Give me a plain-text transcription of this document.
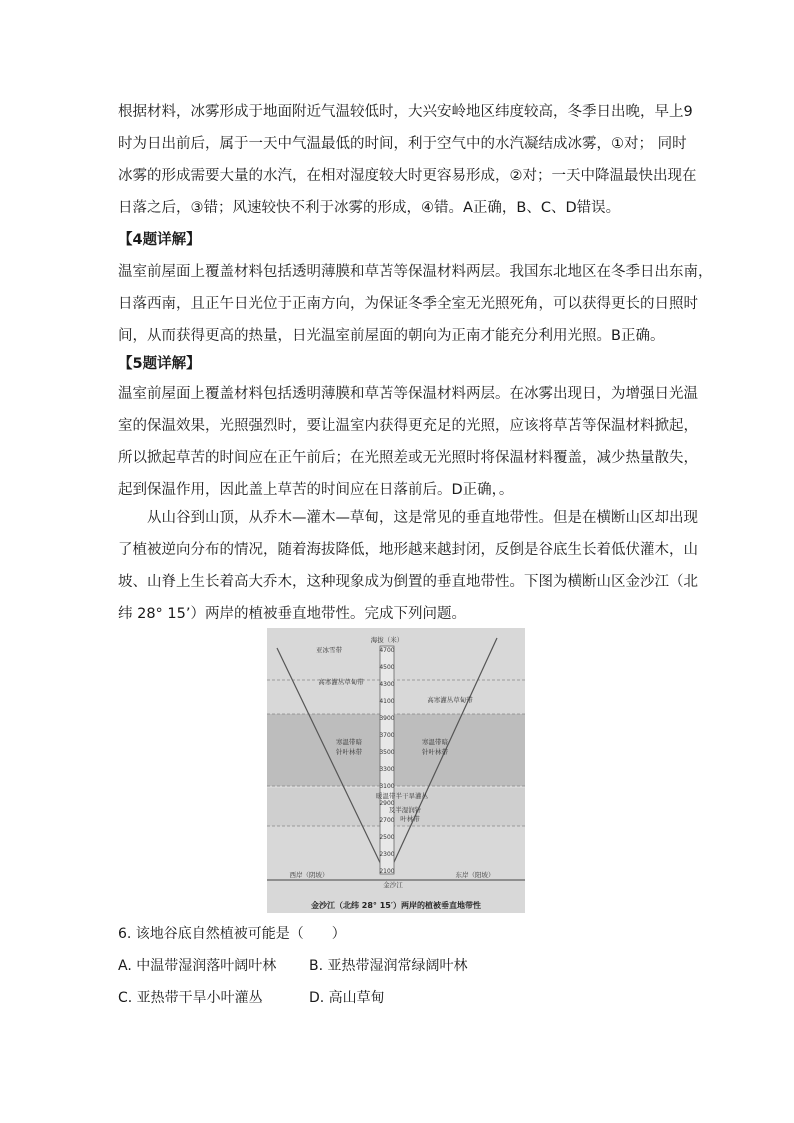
根据材料，冰雾形成于地面附近气温较低时，大兴安岭地区纬度较高，冬季日出晚，早上9
时为日出前后，属于一天中气温最低的时间，利于空气中的水汽凝结成冰雾，①对； 同时
冰雾的形成需要大量的水汽，在相对湿度较大时更容易形成，②对；一天中降温最快出现在
日落之后，③错；风速较快不利于冰雾的形成，④错。A正确，B、C、D错误。
【4题详解】
温室前屋面上覆盖材料包括透明薄膜和草苫等保温材料两层。我国东北地区在冬季日出东南，
日落西南，且正午日光位于正南方向，为保证冬季全室无光照死角，可以获得更长的日照时
间，从而获得更高的热量，日光温室前屋面的朝向为正南才能充分利用光照。B正确。
【5题详解】
温室前屋面上覆盖材料包括透明薄膜和草苫等保温材料两层。在冰雾出现日，为增强日光温
室的保温效果，光照强烈时，要让温室内获得更充足的光照，应该将草苫等保温材料掀起，
所以掀起草苦的时间应在正午前后；在光照差或无光照时将保温材料覆盖，减少热量散失，
起到保温作用，因此盖上草苦的时间应在日落前后。D正确，。
从山谷到山顶，从乔木—灌木—草甸，这是常见的垂直地带性。但是在横断山区却出现
了植被逆向分布的情况，随着海拔降低，地形越来越封闭，反倒是谷底生长着低伏灌木，山
坡、山脊上生长着高大乔木，这种现象成为倒置的垂直地带性。下图为横断山区金沙江（北
纬 28° 15’）两岸的植被垂直地带性。完成下列问题。
海拔（米）
4700
4500
4300
4100
3900
3700
3500
3300
3100
2900
2700
2500
2300
2100
亚冰雪带
高寒灌丛草甸带
高寒灌丛草甸带
寒温带暗
针叶林带
寒温带暗
针叶林带
暖温带半干旱灌丛
及半湿润针
叶林带
西岸（阴坡）	东岸（阳坡）
金沙江
金沙江（北纬 28° 15′）两岸的植被垂直地带性
6. 该地谷底自然植被可能是（　　）
A. 中温带湿润落叶阔叶林 B. 亚热带湿润常绿阔叶林
C. 亚热带干旱小叶灌丛	D. 高山草甸
